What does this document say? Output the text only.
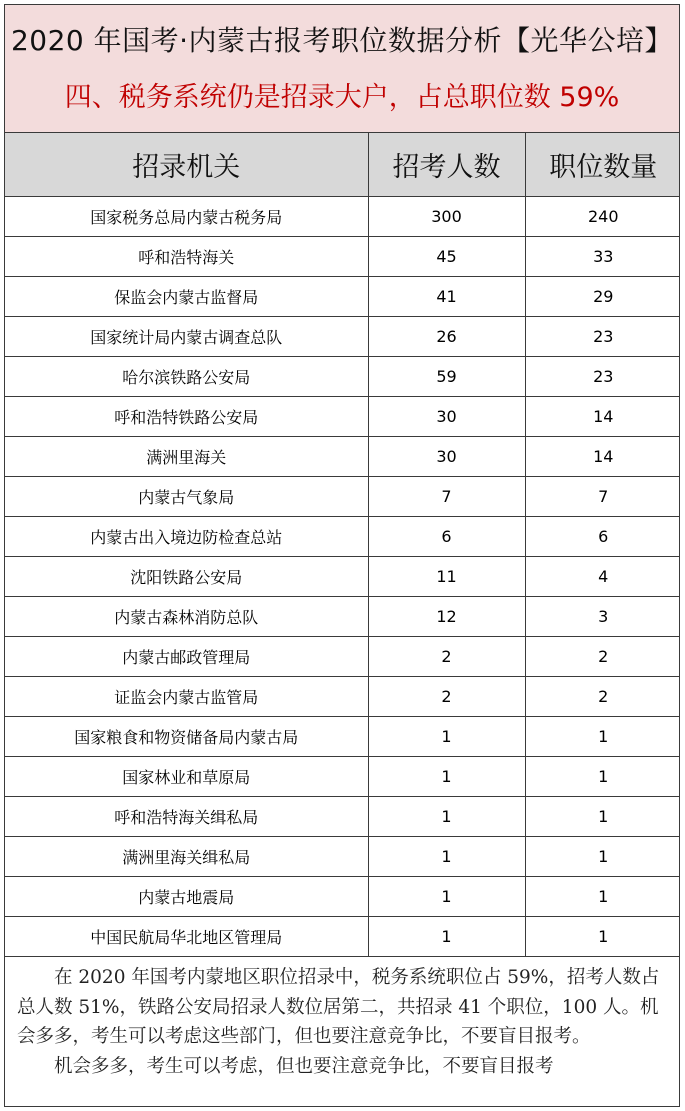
2020 年国考·内蒙古报考职位数据分析【光华公培】
四、税务系统仍是招录大户，占总职位数 59%
招录机关	招考人数	职位数量
国家税务总局内蒙古税务局	300	240
呼和浩特海关	45	33
保监会内蒙古监督局	41	29
国家统计局内蒙古调查总队	26	23
哈尔滨铁路公安局	59	23
呼和浩特铁路公安局	30	14
满洲里海关	30	14
内蒙古气象局	7	7
内蒙古出入境边防检查总站	6	6
沈阳铁路公安局	11	4
内蒙古森林消防总队	12	3
内蒙古邮政管理局	2	2
证监会内蒙古监管局	2	2
国家粮食和物资储备局内蒙古局	1	1
国家林业和草原局	1	1
呼和浩特海关缉私局	1	1
满洲里海关缉私局	1	1
内蒙古地震局	1	1
中国民航局华北地区管理局	1	1

在 2020 年国考内蒙地区职位招录中，税务系统职位占 59%，招考人数占总人数 51%，铁路公安局招录人数位居第二，共招录 41 个职位，100 人。机会多多，考生可以考虑这些部门，但也要注意竞争比，不要盲目报考。

机会多多，考生可以考虑，但也要注意竞争比，不要盲目报考
